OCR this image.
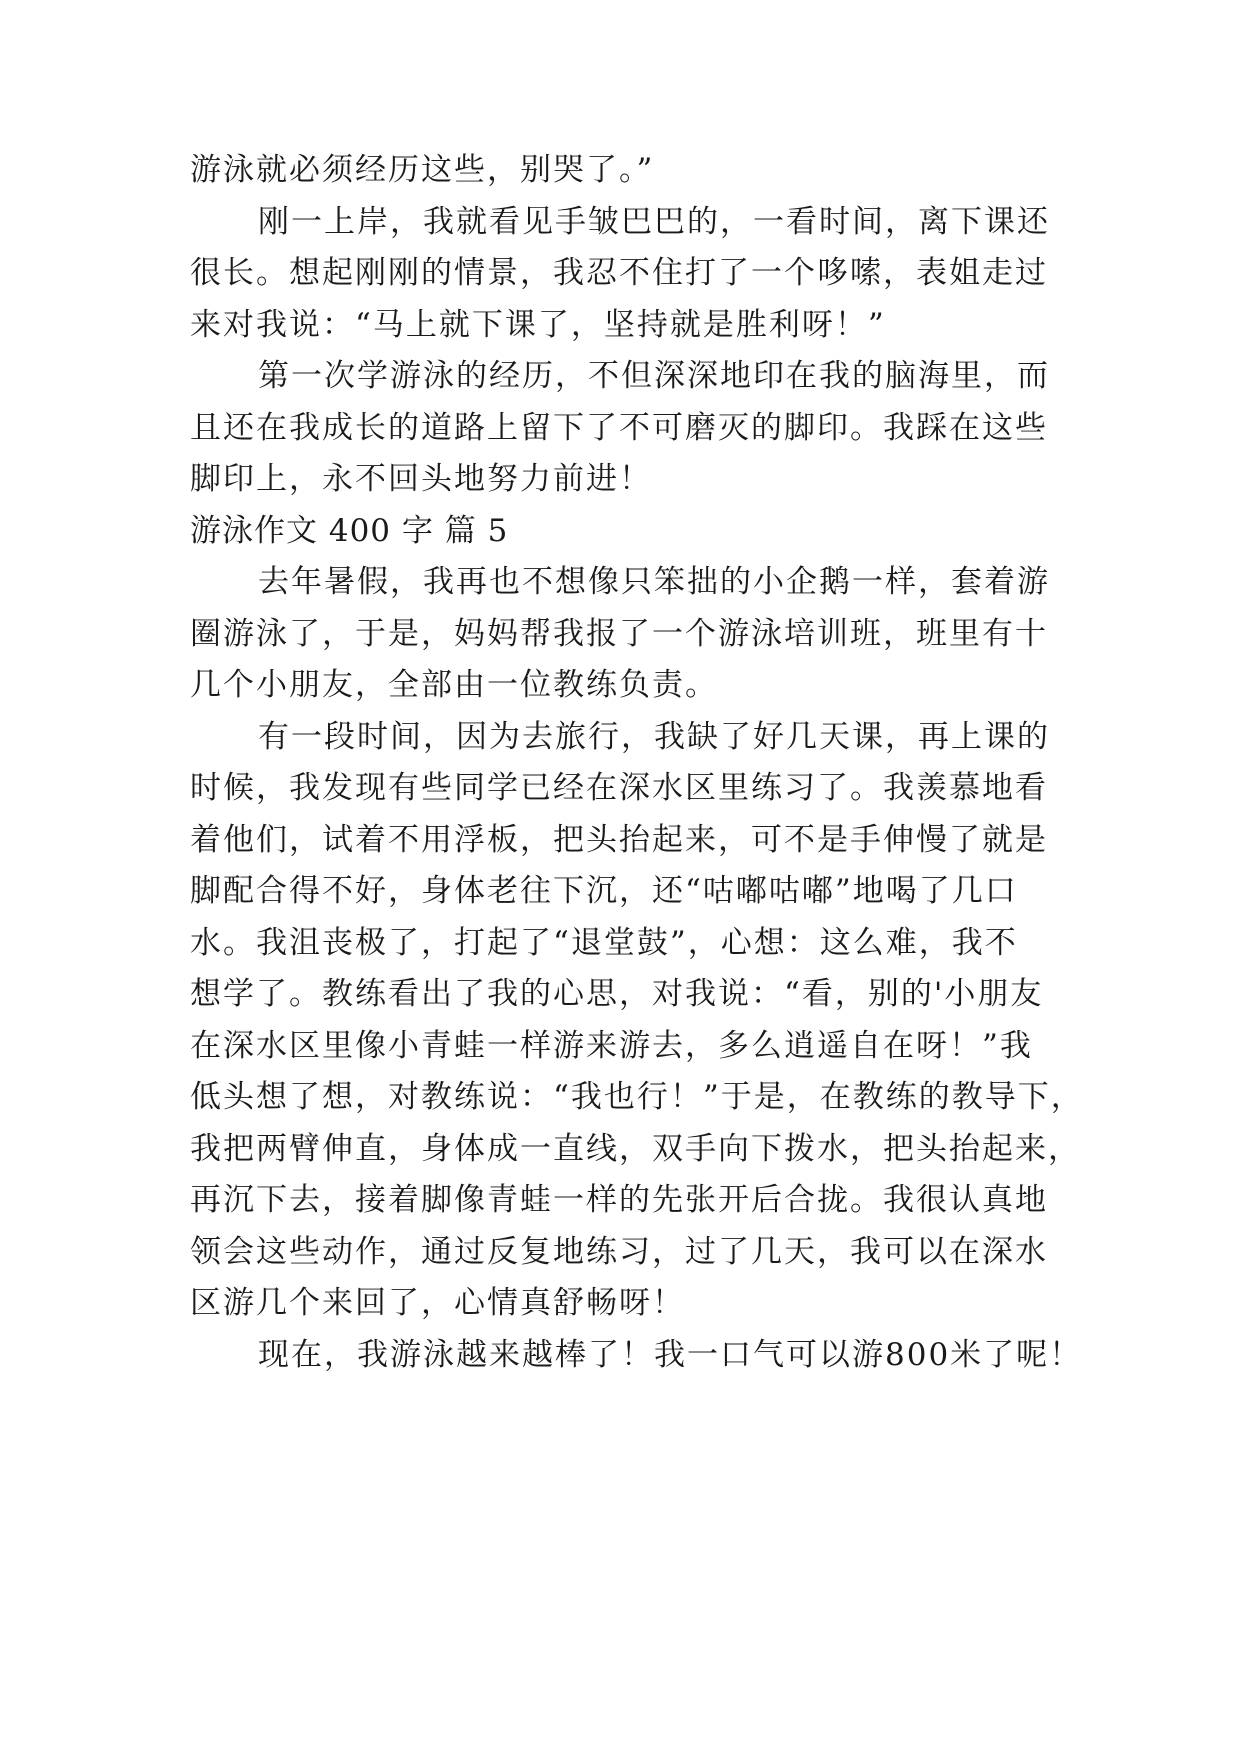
游泳就必须经历这些，别哭了。”
刚一上岸，我就看见手皱巴巴的，一看时间，离下课还
很长。想起刚刚的情景，我忍不住打了一个哆嗦，表姐走过
来对我说：“马上就下课了，坚持就是胜利呀！”
第一次学游泳的经历，不但深深地印在我的脑海里，而
且还在我成长的道路上留下了不可磨灭的脚印。我踩在这些
脚印上，永不回头地努力前进！
游泳作文 400 字 篇 5
去年暑假，我再也不想像只笨拙的小企鹅一样，套着游
圈游泳了，于是，妈妈帮我报了一个游泳培训班，班里有十
几个小朋友，全部由一位教练负责。
有一段时间，因为去旅行，我缺了好几天课，再上课的
时候，我发现有些同学已经在深水区里练习了。我羡慕地看
着他们，试着不用浮板，把头抬起来，可不是手伸慢了就是
脚配合得不好，身体老往下沉，还“咕嘟咕嘟”地喝了几口
水。我沮丧极了，打起了“退堂鼓”，心想：这么难，我不
想学了。教练看出了我的心思，对我说：“看，别的'小朋友
在深水区里像小青蛙一样游来游去，多么逍遥自在呀！”我
低头想了想，对教练说：“我也行！”于是，在教练的教导下，
我把两臂伸直，身体成一直线，双手向下拨水，把头抬起来，
再沉下去，接着脚像青蛙一样的先张开后合拢。我很认真地
领会这些动作，通过反复地练习，过了几天，我可以在深水
区游几个来回了，心情真舒畅呀！
现在，我游泳越来越棒了！我一口气可以游800米了呢！
